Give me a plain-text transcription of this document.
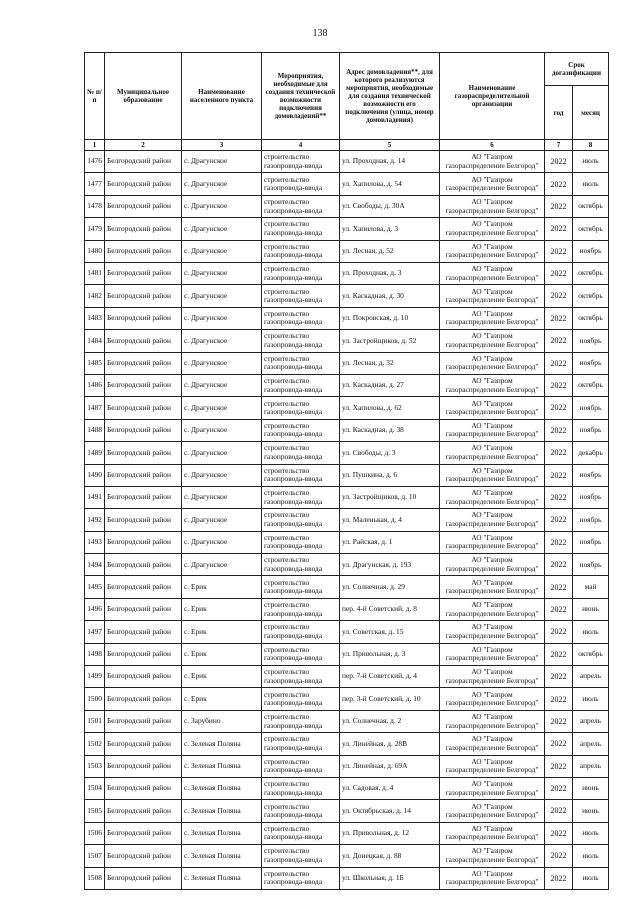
138
№ п/п	Муниципальное образование	Наименование населенного пункта	Мероприятия, необходимые для создания технической возможности подключения домовладений**	Адрес домовладения**, для которого реализуются мероприятия, необходимые для создания технической возможности его подключения (улица, номер домовладения)	Наименование газораспределительной организации	Срок догазификации	
						год	месяц
1	2	3	4	5	6	7	8
1476	Белгородский район	с. Драгунское	строительство газопровода-ввода	ул. Проходная, д. 14	АО "Газпром газораспределение Белгород"	2022	июль
1477	Белгородский район	с. Драгунское	строительство газопровода-ввода	ул. Хапилова, д. 54	АО "Газпром газораспределение Белгород"	2022	июль
1478	Белгородский район	с. Драгунское	строительство газопровода-ввода	ул. Свободы, д. 30А	АО "Газпром газораспределение Белгород"	2022	октябрь
1479	Белгородский район	с. Драгунское	строительство газопровода-ввода	ул. Хапилова, д. 3	АО "Газпром газораспределение Белгород"	2022	октябрь
1480	Белгородский район	с. Драгунское	строительство газопровода-ввода	ул. Лесная, д. 52	АО "Газпром газораспределение Белгород"	2022	ноябрь
1481	Белгородский район	с. Драгунское	строительство газопровода-ввода	ул. Проходная, д. 3	АО "Газпром газораспределение Белгород"	2022	октябрь
1482	Белгородский район	с. Драгунское	строительство газопровода-ввода	ул. Каскадная, д. 30	АО "Газпром газораспределение Белгород"	2022	октябрь
1483	Белгородский район	с. Драгунское	строительство газопровода-ввода	ул. Покровская, д. 10	АО "Газпром газораспределение Белгород"	2022	октябрь
1484	Белгородский район	с. Драгунское	строительство газопровода-ввода	ул. Застройщиков, д. 52	АО "Газпром газораспределение Белгород"	2022	ноябрь
1485	Белгородский район	с. Драгунское	строительство газопровода-ввода	ул. Лесная, д. 32	АО "Газпром газораспределение Белгород"	2022	ноябрь
1486	Белгородский район	с. Драгунское	строительство газопровода-ввода	ул. Каскадная, д. 27	АО "Газпром газораспределение Белгород"	2022	октябрь
1487	Белгородский район	с. Драгунское	строительство газопровода-ввода	ул. Хапилова, д. 62	АО "Газпром газораспределение Белгород"	2022	ноябрь
1488	Белгородский район	с. Драгунское	строительство газопровода-ввода	ул. Каскадная, д. 38	АО "Газпром газораспределение Белгород"	2022	ноябрь
1489	Белгородский район	с. Драгунское	строительство газопровода-ввода	ул. Свободы, д. 3	АО "Газпром газораспределение Белгород"	2022	декабрь
1490	Белгородский район	с. Драгунское	строительство газопровода-ввода	ул. Пушкина, д. 6	АО "Газпром газораспределение Белгород"	2022	ноябрь
1491	Белгородский район	с. Драгунское	строительство газопровода-ввода	ул. Застройщиков, д. 10	АО "Газпром газораспределение Белгород"	2022	ноябрь
1492	Белгородский район	с. Драгунское	строительство газопровода-ввода	ул. Маленькая, д. 4	АО "Газпром газораспределение Белгород"	2022	ноябрь
1493	Белгородский район	с. Драгунское	строительство газопровода-ввода	ул. Райская, д. 1	АО "Газпром газораспределение Белгород"	2022	ноябрь
1494	Белгородский район	с. Драгунское	строительство газопровода-ввода	ул. Драгунская, д. 193	АО "Газпром газораспределение Белгород"	2022	ноябрь
1495	Белгородский район	с. Ерик	строительство газопровода-ввода	ул. Солнечная, д. 29	АО "Газпром газораспределение Белгород"	2022	май
1496	Белгородский район	с. Ерик	строительство газопровода-ввода	пер. 4-й Советский, д. 8	АО "Газпром газораспределение Белгород"	2022	июнь
1497	Белгородский район	с. Ерик	строительство газопровода-ввода	ул. Советская, д. 15	АО "Газпром газораспределение Белгород"	2022	июль
1498	Белгородский район	с. Ерик	строительство газопровода-ввода	ул. Привольная, д. 3	АО "Газпром газораспределение Белгород"	2022	октябрь
1499	Белгородский район	с. Ерик	строительство газопровода-ввода	пер. 7-й Советский, д. 4	АО "Газпром газораспределение Белгород"	2022	апрель
1500	Белгородский район	с. Ерик	строительство газопровода-ввода	пер. 3-й Советский, д. 10	АО "Газпром газораспределение Белгород"	2022	июль
1501	Белгородский район	с. Зарубино	строительство газопровода-ввода	ул. Солнечная, д. 2	АО "Газпром газораспределение Белгород"	2022	апрель
1502	Белгородский район	с. Зеленая Поляна	строительство газопровода-ввода	ул. Линейная, д. 28В	АО "Газпром газораспределение Белгород"	2022	апрель
1503	Белгородский район	с. Зеленая Поляна	строительство газопровода-ввода	ул. Линейная, д. 69А	АО "Газпром газораспределение Белгород"	2022	апрель
1504	Белгородский район	с. Зеленая Поляна	строительство газопровода-ввода	ул. Садовая, д. 4	АО "Газпром газораспределение Белгород"	2022	июнь
1505	Белгородский район	с. Зеленая Поляна	строительство газопровода-ввода	ул. Октябрьская, д. 14	АО "Газпром газораспределение Белгород"	2022	июнь
1506	Белгородский район	с. Зеленая Поляна	строительство газопровода-ввода	ул. Привольная, д. 12	АО "Газпром газораспределение Белгород"	2022	июль
1507	Белгородский район	с. Зеленая Поляна	строительство газопровода-ввода	ул. Донецкая, д. 88	АО "Газпром газораспределение Белгород"	2022	июль
1508	Белгородский район	с. Зеленая Поляна	строительство газопровода-ввода	ул. Школьная, д. 1Б	АО "Газпром газораспределение Белгород"	2022	июль
